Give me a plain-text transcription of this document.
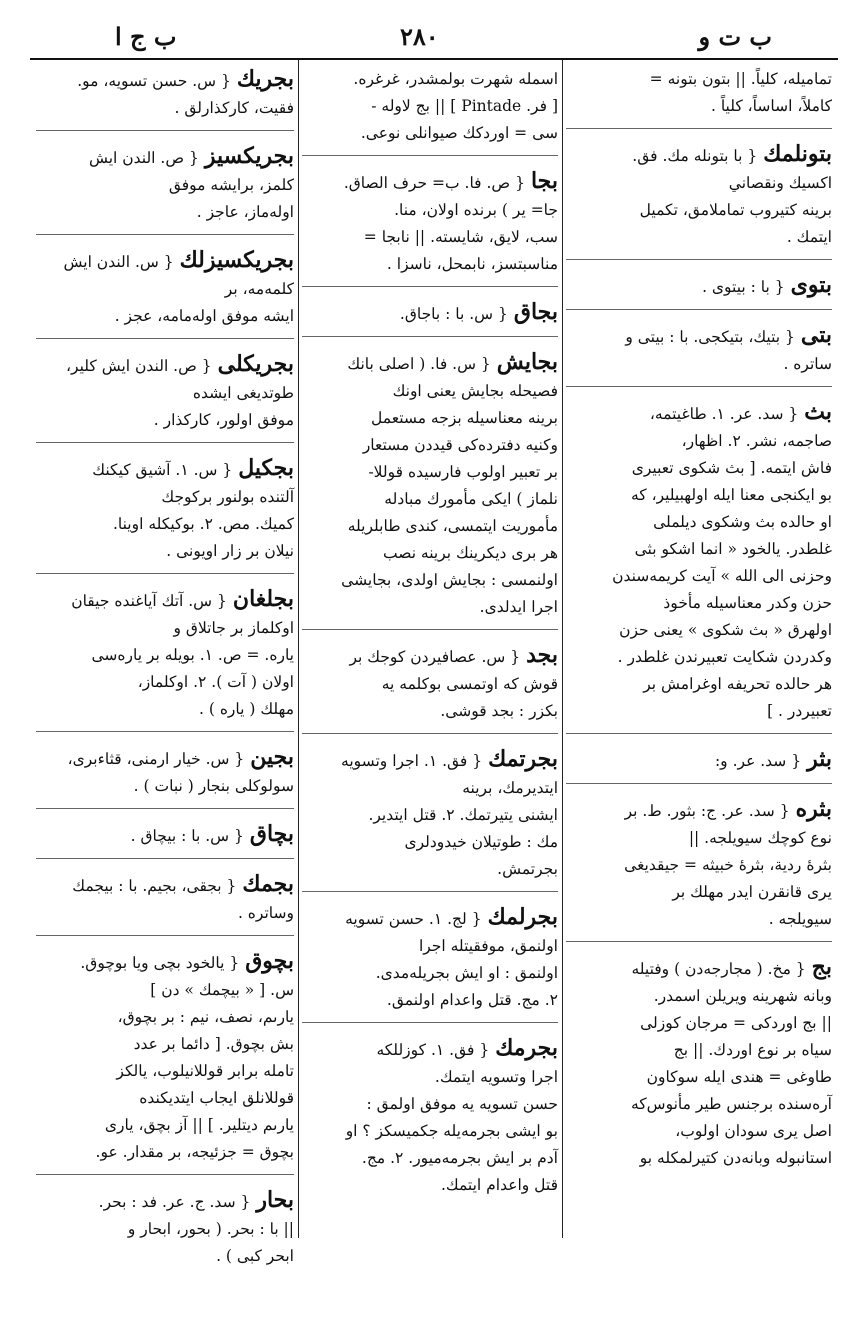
ب ت و
٢٨٠
ب ج ا
تماميله، كلياً. || بتون بتونه =
كاملاً، اساساً، كلياً .
بتونلمك{ با بتونله مك. فق.
اكسيك ونقصاني
برينه كتيروب تماملامق، تكميل
ايتمك .
بتوى{ با : بيتوى .
بتى{ بتيك، بتيكجى. با : بيتى و
ساتره .
بث{ سد. عر. ١. طاغيتمه،
صاجمه، نشر. ٢. اظهار،
فاش ايتمه. [ بث شكوى تعبيرى
بو ايكنجى معنا ايله اولهبيلير، كه
او حالده بث وشكوى ديلملى
غلطدر. يالخود « انما اشكو بثى
وحزنى الى الله » آيت كريمه‌سندن
حزن وكدر معناسيله مأخوذ
اولهرق « بث شكوى » يعنى حزن
وكدردن شكايت تعبيرندن غلطدر .
هر حالده تحريفه اوغرامش بر
تعبيردر . ]
بثر{ سد. عر. و:
بثره{ سد. عر. ج: بثور. ط. بر
نوع كوچك سيويلجه. ||
بثرهٔ ردية، بثرهٔ خبيثه = جيقديغى
يرى قانقرن ايدر مهلك بر
سيويلجه .
بج{ مخ. ( مجارجه‌دن ) وفتيله
وبانه شهرينه ويريلن اسمدر.
|| بج اوردكى = مرجان كوزلى
سياه بر نوع اوردك. || بج
طاوغى = هندى ايله سوكاون
آره‌سنده برجنس طير مأنوس‌كه
اصل يرى سودان اولوب،
استانبوله وبانه‌دن كتيرلمكله بو
اسمله شهرت بولمشدر، غرغره.
[ فر. Pintade ] || بج لاوله -
سى = اوردكك صيوانلى نوعى.
بجا{ ص. فا. ب= حرف الصاق.
جا= ير ) برنده اولان، منا.
سب، لايق، شايسته. || نابجا =
مناسبتسز، نابمحل، ناسزا .
بجاق{ س. با : باجاق.
بجايش{ س. فا. ( اصلى بانك
فصيحله بجايش يعنى اونك
برينه معناسيله بزجه مستعمل
وكنيه دفترده‌كى قيددن مستعار
بر تعبير اولوب فارسيده قوللا-
نلماز ) ايكى مأمورك مبادله
مأموريت ايتمسى، كندى طابلريله
هر برى ديكرينك برينه نصب
اولنمسى : بجايش اولدى، بجايشى
اجرا ايدلدى.
بجد{ س. عصافيردن كوجك بر
قوش كه اوتمسى بوكلمه يه
بكزر : بجد قوشى.
بجرتمك{ فق. ١. اجرا وتسويه
ايتديرمك، برينه
ايشنى يتيرتمك. ٢. قتل ايتدير.
مك : طوتيلان خيدودلرى
بجرتمش.
بجرلمك{ لج. ١. حسن تسويه
اولنمق، موفقيتله اجرا
اولنمق : او ايش بجريله‌مدى.
٢. مج. قتل واعدام اولنمق.
بجرمك{ فق. ١. كوزللكه
اجرا وتسويه ايتمك.
حسن تسويه يه موفق اولمق :
بو ايشى بجرمه‌يله جكميسكز ؟ او
آدم بر ايش بجرمه‌ميور. ٢. مج.
قتل واعدام ايتمك.
بجريك{ س. حسن تسويه، مو.
فقيت، كاركذارلق .
بجريكسيز{ ص. الندن ايش
كلمز، برايشه موفق
اوله‌ماز، عاجز .
بجريكسيزلك{ س. الندن ايش
كلمه‌مه، بر
ايشه موفق اوله‌مامه، عجز .
بجريكلى{ ص. الندن ايش كلير،
طوتديغى ايشده
موفق اولور، كاركذار .
بجكيل{ س. ١. آشيق كيكنك
آلتنده بولنور بركوجك
كميك. مص. ٢. بوكيكله اوينا.
نيلان بر زار اويونى .
بجلغان{ س. آتك آياغنده جيقان
اوكلماز بر جاتلاق و
ياره. = ص. ١. بويله بر ياره‌سى
اولان ( آت ). ٢. اوكلماز،
مهلك ( ياره ) .
بجين{ س. خيار ارمنى، قثاءبرى،
سولوكلى بنجار ( نبات ) .
بچاق{ س. با : بيچاق .
بجمك{ بجقى، بجيم. با : بيجمك
وساتره .
بچوق{ يالخود بچى ويا بوچوق.
س. [ « بيچمك » دن ]
يارىم، نصف، نيم : بر بچوق،
بش بچوق. [ دائما بر عدد
تامله برابر قوللانيلوب، يالكز
قوللانلق ايجاب ايتديكنده
يارىم ديتلير. ] || آز بچق، يارى
بچوق = جزئيجه، بر مقدار. عو.
بحار{ سد. ج. عر. فد : بحر.
|| با : بحر. ( بحور، ابحار و
ابحر كبى ) .
